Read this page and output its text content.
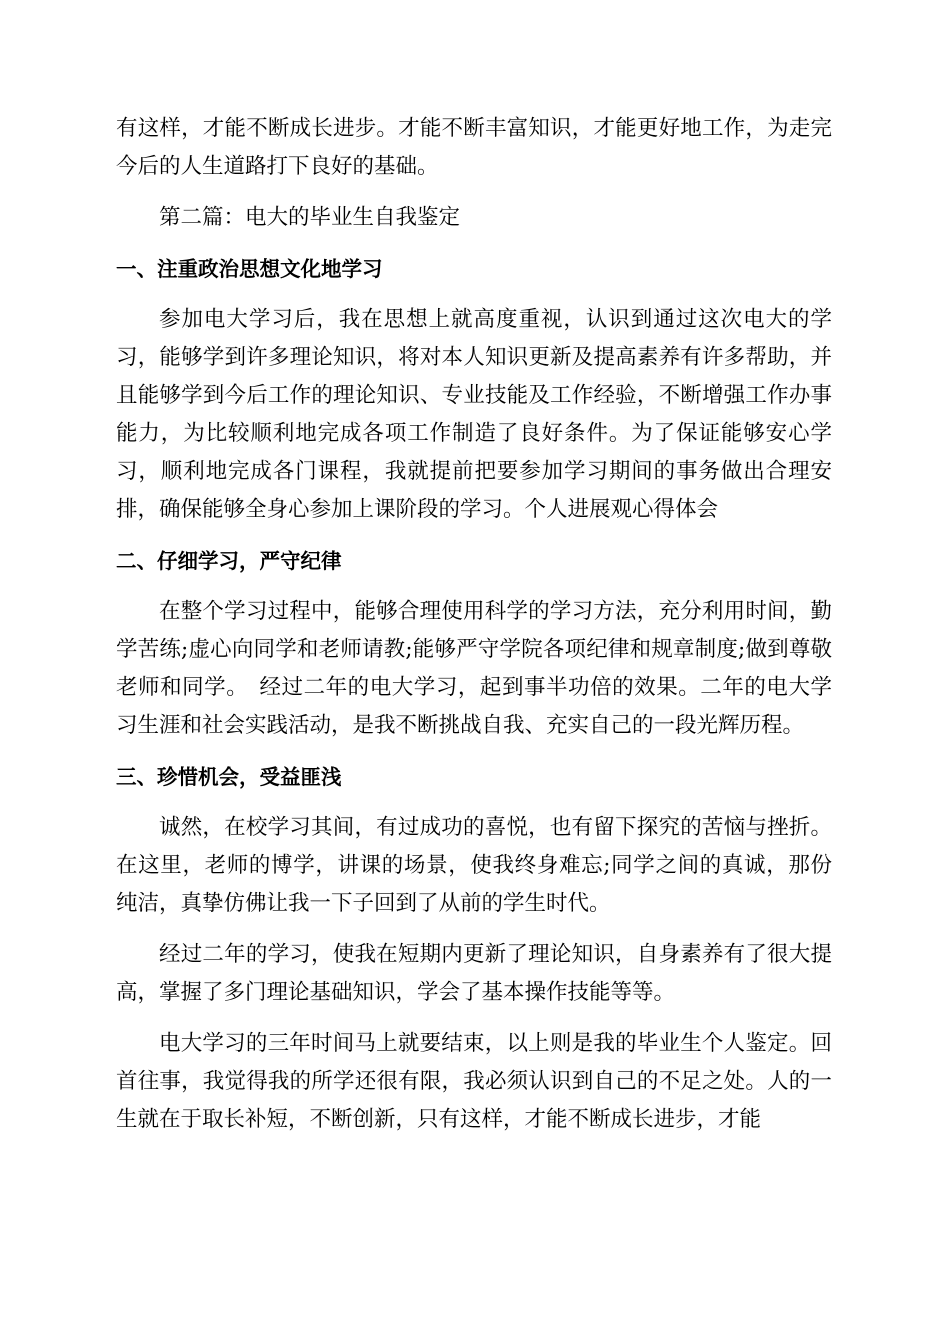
有这样，才能不断成长进步。才能不断丰富知识，才能更好地工作，为走完今后的人生道路打下良好的基础。

第二篇：电大的毕业生自我鉴定

一、注重政治思想文化地学习

参加电大学习后，我在思想上就高度重视，认识到通过这次电大的学习，能够学到许多理论知识，将对本人知识更新及提高素养有许多帮助，并且能够学到今后工作的理论知识、专业技能及工作经验，不断增强工作办事能力，为比较顺利地完成各项工作制造了良好条件。为了保证能够安心学习，顺利地完成各门课程，我就提前把要参加学习期间的事务做出合理安排，确保能够全身心参加上课阶段的学习。个人进展观心得体会

二、仔细学习，严守纪律

在整个学习过程中，能够合理使用科学的学习方法，充分利用时间，勤学苦练;虚心向同学和老师请教;能够严守学院各项纪律和规章制度;做到尊敬老师和同学。　经过二年的电大学习，起到事半功倍的效果。二年的电大学习生涯和社会实践活动，是我不断挑战自我、充实自己的一段光辉历程。

三、珍惜机会，受益匪浅

诚然，在校学习其间，有过成功的喜悦，也有留下探究的苦恼与挫折。在这里，老师的博学，讲课的场景，使我终身难忘;同学之间的真诚，那份纯洁，真挚仿佛让我一下子回到了从前的学生时代。

经过二年的学习，使我在短期内更新了理论知识，自身素养有了很大提高，掌握了多门理论基础知识，学会了基本操作技能等等。

电大学习的三年时间马上就要结束，以上则是我的毕业生个人鉴定。回首往事，我觉得我的所学还很有限，我必须认识到自己的不足之处。人的一生就在于取长补短，不断创新，只有这样，才能不断成长进步，才能
